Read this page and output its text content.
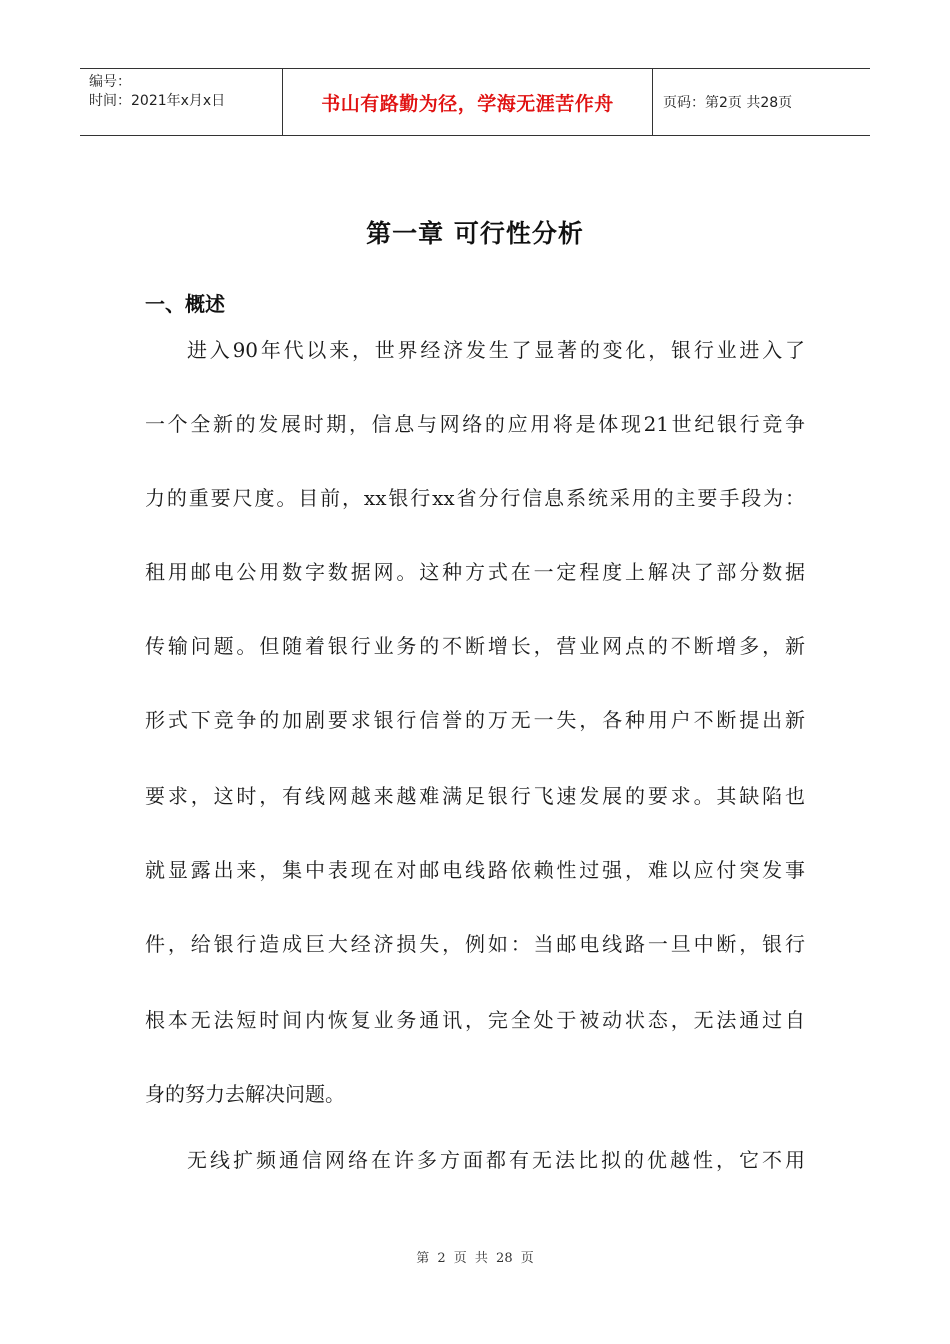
编号：
时间：2021年x月x日	书山有路勤为径，学海无涯苦作舟	页码：第2页 共28页
第一章 可行性分析
一、概述
进入90年代以来，世界经济发生了显著的变化，银行业进入了
一个全新的发展时期，信息与网络的应用将是体现21世纪银行竞争
力的重要尺度。目前，xx银行xx省分行信息系统采用的主要手段为：
租用邮电公用数字数据网。这种方式在一定程度上解决了部分数据
传输问题。但随着银行业务的不断增长，营业网点的不断增多，新
形式下竞争的加剧要求银行信誉的万无一失，各种用户不断提出新
要求，这时，有线网越来越难满足银行飞速发展的要求。其缺陷也
就显露出来，集中表现在对邮电线路依赖性过强，难以应付突发事
件，给银行造成巨大经济损失，例如：当邮电线路一旦中断，银行
根本无法短时间内恢复业务通讯，完全处于被动状态，无法通过自
身的努力去解决问题。
无线扩频通信网络在许多方面都有无法比拟的优越性，它不用
第 2 页 共 28 页
